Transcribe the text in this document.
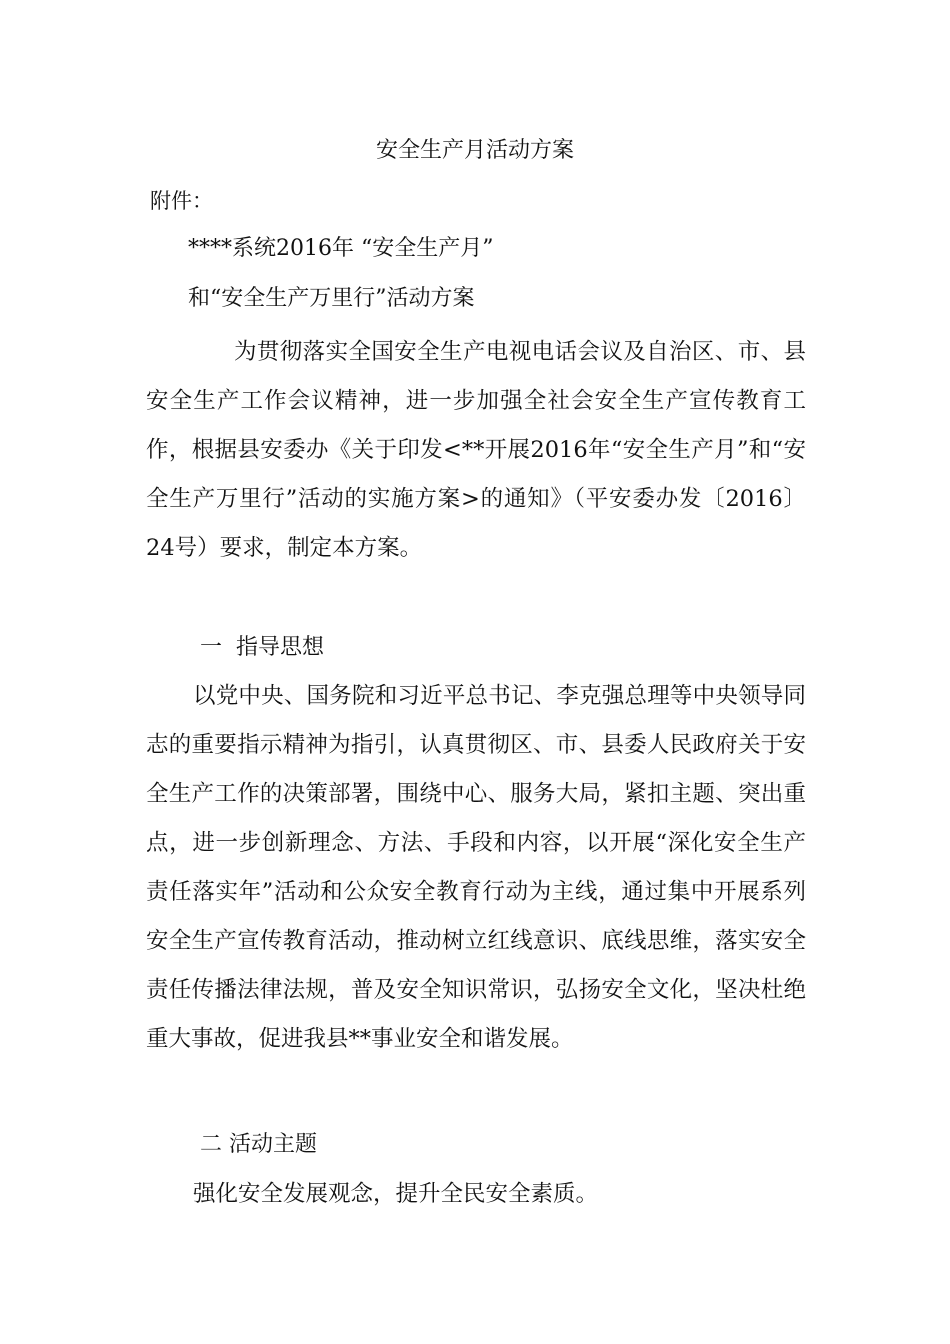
安全生产月活动方案
附件：
****系统2016年 “安全生产月”
和“安全生产万里行”活动方案
为贯彻落实全国安全生产电视电话会议及自治区、市、县安全生产工作会议精神，进一步加强全社会安全生产宣传教育工作，根据县安委办《关于印发<**开展2016年“安全生产月”和“安全生产万里行”活动的实施方案>的通知》（平安委办发〔2016〕24号）要求，制定本方案。
一  指导思想
以党中央、国务院和习近平总书记、李克强总理等中央领导同志的重要指示精神为指引，认真贯彻区、市、县委人民政府关于安全生产工作的决策部署，围绕中心、服务大局，紧扣主题、突出重点，进一步创新理念、方法、手段和内容，以开展“深化安全生产责任落实年”活动和公众安全教育行动为主线，通过集中开展系列安全生产宣传教育活动，推动树立红线意识、底线思维，落实安全责任传播法律法规，普及安全知识常识，弘扬安全文化，坚决杜绝重大事故，促进我县**事业安全和谐发展。
二 活动主题
强化安全发展观念，提升全民安全素质。
